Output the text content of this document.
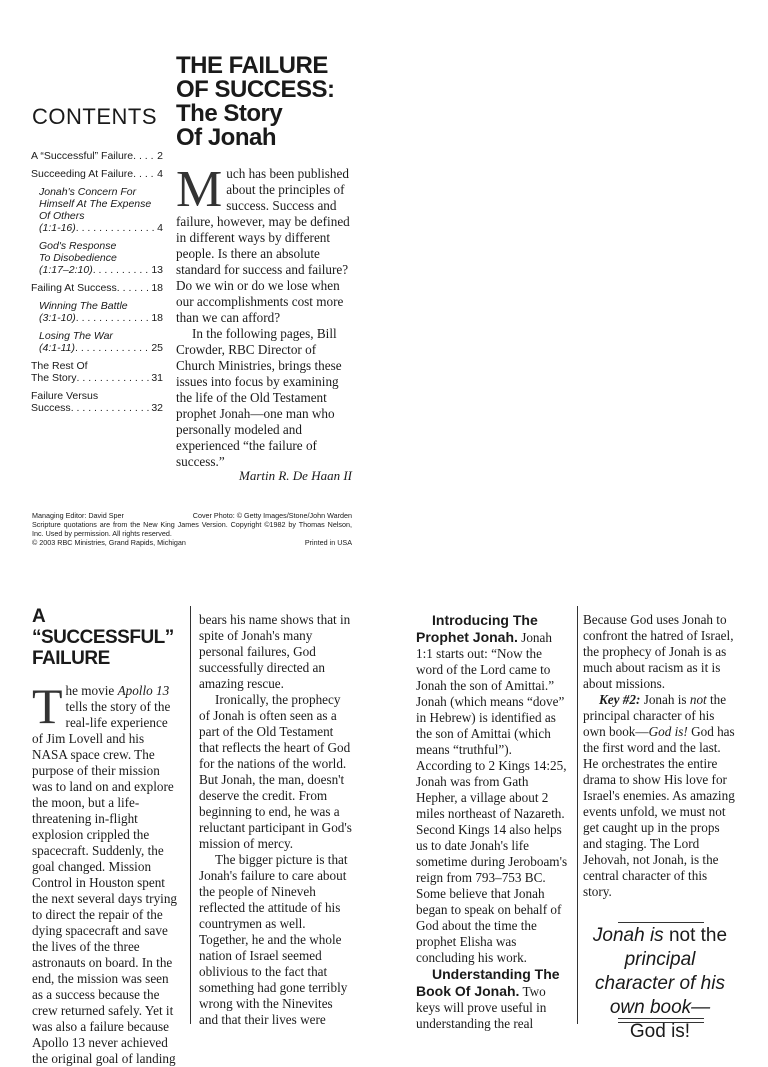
CONTENTS
A “Successful” Failure . . . 2
Succeeding At Failure . . . 4
Jonah's Concern For
Himself At The Expense
Of Others
(1:1-16) . . .	4
God's Response
To Disobedience
(1:17–2:10) . . .	13
Failing At Success . . .	18
Winning The Battle
(3:1-10) . . .	18
Losing The War
(4:1-11) . . .	25
The Rest Of
The Story . . .	31
Failure Versus
Success . . .	32
THE FAILURE
OF SUCCESS:
The Story
Of Jonah

Much has been published about the principles of success. Success and failure, however, may be defined in different ways by different people. Is there an absolute standard for success and failure? Do we win or do we lose when our accomplishments cost more than we can afford?

In the following pages, Bill Crowder, RBC Director of Church Ministries, brings these issues into focus by examining the life of the Old Testament prophet Jonah—one man who personally modeled and experienced “the failure of success.”

Martin R. De Haan II
Managing Editor: David Sper	Cover Photo: © Getty Images/Stone/John Warden
Scripture quotations are from the New King James Version. Copyright ©1982 by Thomas Nelson, Inc. Used by permission. All rights reserved.
© 2003 RBC Ministries, Grand Rapids, Michigan	Printed in USA
A “SUCCESSFUL” FAILURE

The movie Apollo 13 tells the story of the real-life experience of Jim Lovell and his NASA space crew. The purpose of their mission was to land on and explore the moon, but a life-threatening in-flight explosion crippled the spacecraft. Suddenly, the goal changed. Mission Control in Houston spent the next several days trying to direct the repair of the dying spacecraft and save the lives of the three astronauts on board. In the end, the mission was seen as a success because the crew returned safely. Yet it was also a failure because Apollo 13 never achieved the original goal of landing

bears his name shows that in spite of Jonah's many personal failures, God successfully directed an amazing rescue.

Ironically, the prophecy of Jonah is often seen as a part of the Old Testament that reflects the heart of God for the nations of the world. But Jonah, the man, doesn't deserve the credit. From beginning to end, he was a reluctant participant in God's mission of mercy.

The bigger picture is that Jonah's failure to care about the people of Nineveh reflected the attitude of his countrymen as well. Together, he and the whole nation of Israel seemed oblivious to the fact that something had gone terribly wrong with the Ninevites and that their lives were

Introducing The Prophet Jonah. Jonah 1:1 starts out: “Now the word of the Lord came to Jonah the son of Amittai.” Jonah (which means “dove” in Hebrew) is identified as the son of Amittai (which means “truthful”). According to 2 Kings 14:25, Jonah was from Gath Hepher, a village about 2 miles northeast of Nazareth. Second Kings 14 also helps us to date Jonah's life sometime during Jeroboam's reign from 793–753 BC. Some believe that Jonah began to speak on behalf of God about the time the prophet Elisha was concluding his work.

Understanding The Book Of Jonah. Two keys will prove useful in understanding the real

Because God uses Jonah to confront the hatred of Israel, the prophecy of Jonah is as much about racism as it is about missions.

Key #2: Jonah is not the principal character of his own book—God is! God has the first word and the last. He orchestrates the entire drama to show His love for Israel's enemies. As amazing events unfold, we must not get caught up in the props and staging. The Lord Jehovah, not Jonah, is the central character of this story.

Jonah is not the principal character of his own book—
God is!
